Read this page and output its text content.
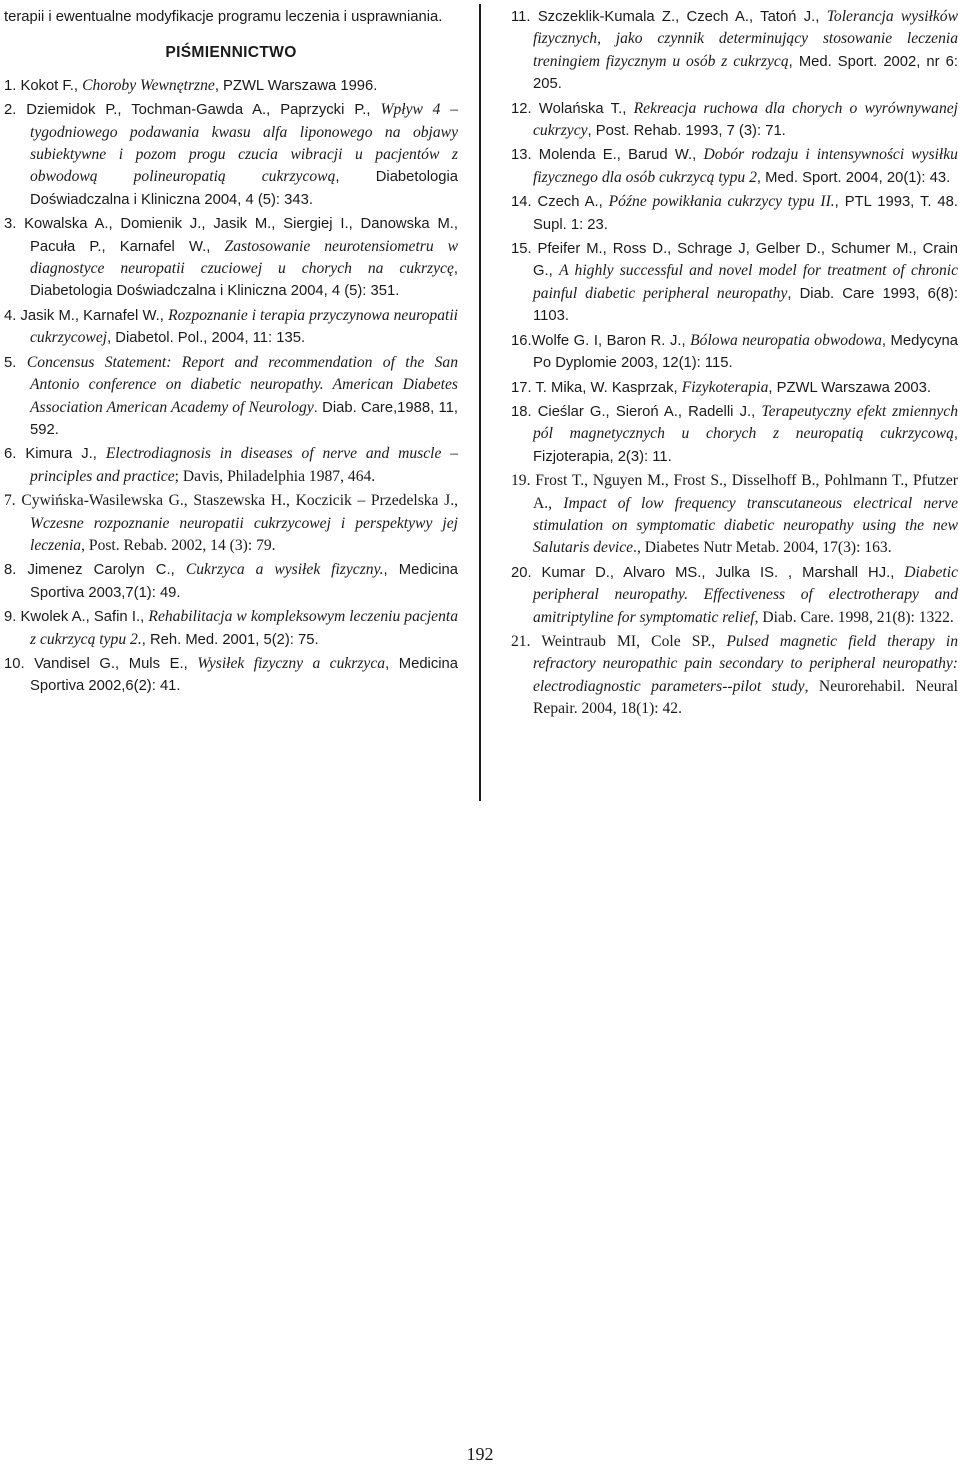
terapii i ewentualne modyfikacje programu leczenia i usprawniania.
PIŚMIENNICTWO
1. Kokot F., Choroby Wewnętrzne, PZWL Warszawa 1996.
2. Dziemidok P., Tochman-Gawda A., Paprzycki P., Wpływ 4 – tygodniowego podawania kwasu alfa liponowego na objawy subiektywne i pozom progu czucia wibracji u pacjentów z obwodową polineuropatią cukrzycową, Diabetologia Doświadczalna i Kliniczna 2004, 4 (5): 343.
3. Kowalska A., Domienik J., Jasik M., Siergiej I., Danowska M., Pacuła P., Karnafel W., Zastosowanie neurotensiometru w diagnostyce neuropatii czuciowej u chorych na cukrzycę, Diabetologia Doświadczalna i Kliniczna 2004, 4 (5): 351.
4. Jasik M., Karnafel W., Rozpoznanie i terapia przyczynowa neuropatii cukrzycowej, Diabetol. Pol., 2004, 11: 135.
5. Concensus Statement: Report and recommendation of the San Antonio conference on diabetic neuropathy. American Diabetes Association American Academy of Neurology. Diab. Care,1988, 11, 592.
6. Kimura J., Electrodiagnosis in diseases of nerve and muscle – principles and practice; Davis, Philadelphia 1987, 464.
7. Cywińska-Wasilewska G., Staszewska H., Koczicik – Przedelska J., Wczesne rozpoznanie neuropatii cukrzycowej i perspektywy jej leczenia, Post. Rebab. 2002, 14 (3): 79.
8. Jimenez Carolyn C., Cukrzyca a wysiłek fizyczny., Medicina Sportiva 2003,7(1): 49.
9. Kwolek A., Safin I., Rehabilitacja w kompleksowym leczeniu pacjenta z cukrzycą typu 2., Reh. Med. 2001, 5(2): 75.
10. Vandisel G., Muls E., Wysiłek fizyczny a cukrzyca, Medicina Sportiva 2002,6(2): 41.
11. Szczeklik-Kumala Z., Czech A., Tatoń J., Tolerancja wysiłków fizycznych, jako czynnik determinujący stosowanie leczenia treningiem fizycznym u osób z cukrzycą, Med. Sport. 2002, nr 6: 205.
12. Wolańska T., Rekreacja ruchowa dla chorych o wyrównywanej cukrzycy, Post. Rehab. 1993, 7 (3): 71.
13. Molenda E., Barud W., Dobór rodzaju i intensywności wysiłku fizycznego dla osób cukrzycą typu 2, Med. Sport. 2004, 20(1): 43.
14. Czech A., Późne powikłania cukrzycy typu II., PTL 1993, T. 48. Supl. 1: 23.
15. Pfeifer M., Ross D., Schrage J, Gelber D., Schumer M., Crain G., A highly successful and novel model for treatment of chronic painful diabetic peripheral neuropathy, Diab. Care 1993, 6(8): 1103.
16.Wolfe G. I, Baron R. J., Bólowa neuropatia obwodowa, Medycyna Po Dyplomie 2003, 12(1): 115.
17. T. Mika, W. Kasprzak, Fizykoterapia, PZWL Warszawa 2003.
18. Cieślar G., Sieroń A., Radelli J., Terapeutyczny efekt zmiennych pól magnetycznych u chorych z neuropatią cukrzycową, Fizjoterapia, 2(3): 11.
19. Frost T., Nguyen M., Frost S., Disselhoff B., Pohlmann T., Pfutzer A., Impact of low frequency transcutaneous electrical nerve stimulation on symptomatic diabetic neuropathy using the new Salutaris device., Diabetes Nutr Metab. 2004, 17(3): 163.
20. Kumar D., Alvaro MS., Julka IS. , Marshall HJ., Diabetic peripheral neuropathy. Effectiveness of electrotherapy and amitriptyline for symptomatic relief, Diab. Care. 1998, 21(8): 1322.
21. Weintraub MI, Cole SP., Pulsed magnetic field therapy in refractory neuropathic pain secondary to peripheral neuropathy: electrodiagnostic parameters--pilot study, Neurorehabil. Neural Repair. 2004, 18(1): 42.
192
